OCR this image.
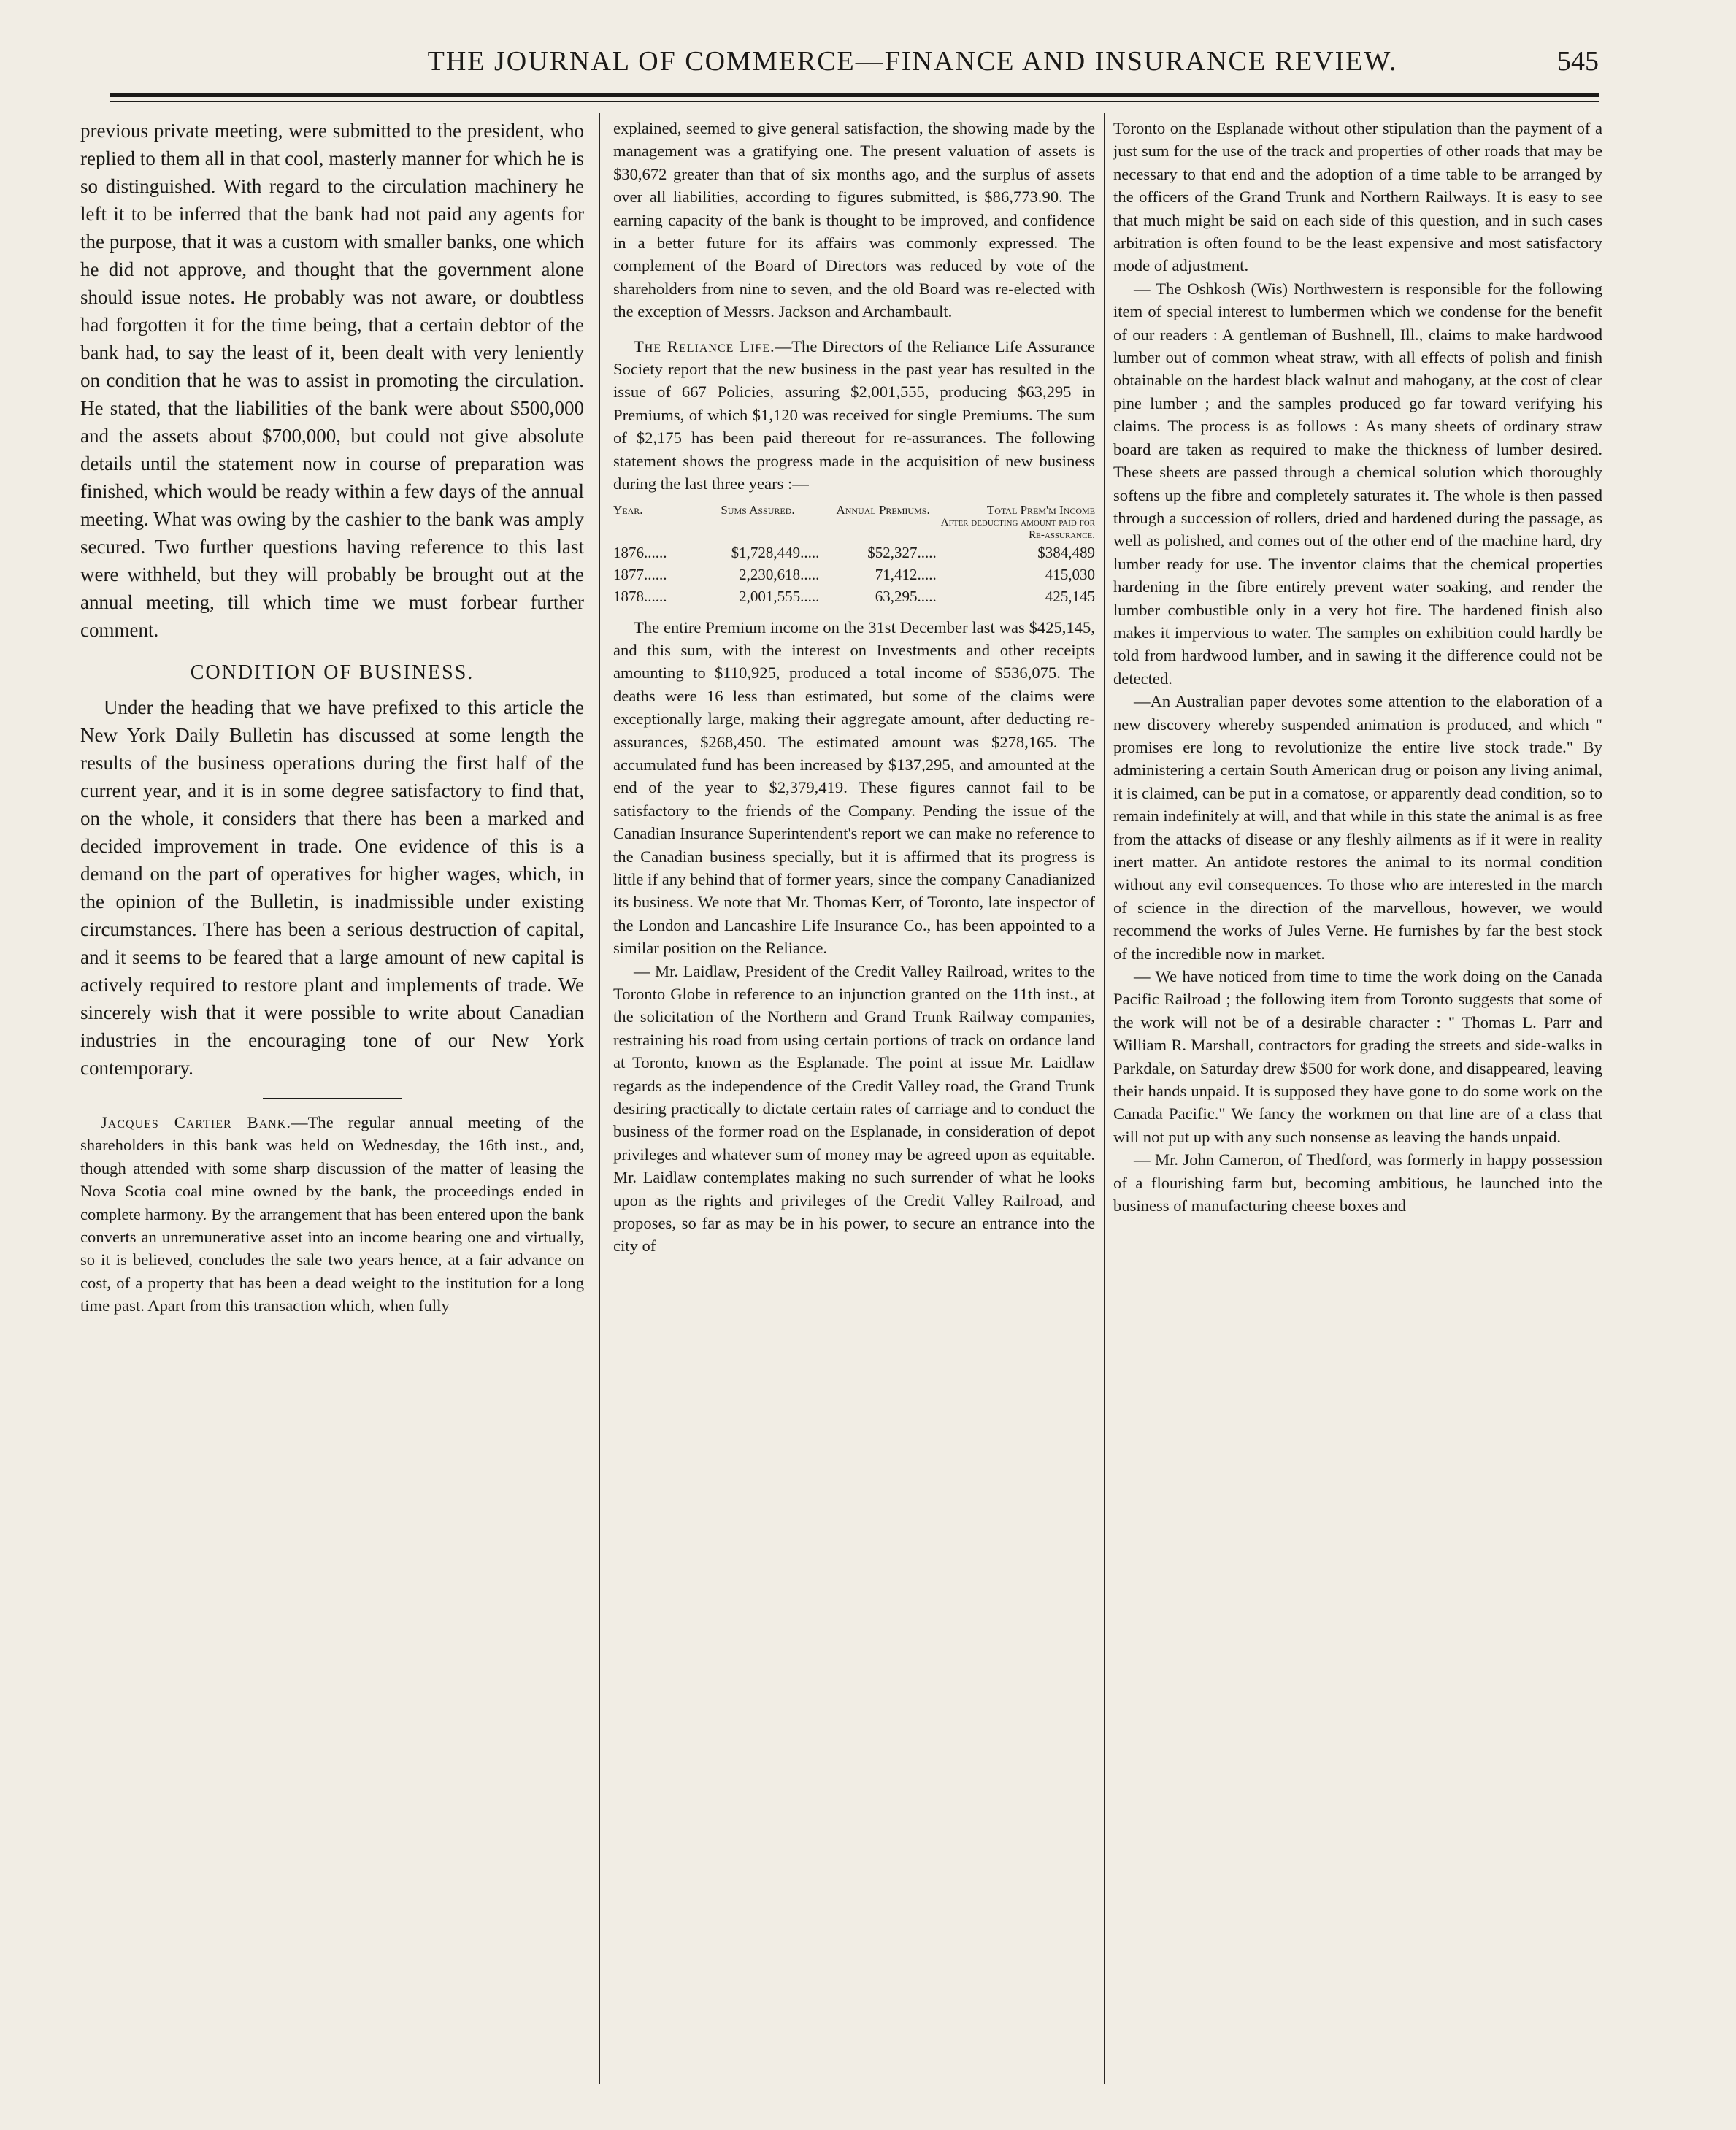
THE JOURNAL OF COMMERCE—FINANCE AND INSURANCE REVIEW.	545

previous private meeting, were submitted to the president, who replied to them all in that cool, masterly manner for which he is so distinguished. With regard to the circulation machinery he left it to be inferred that the bank had not paid any agents for the purpose, that it was a custom with smaller banks, one which he did not approve, and thought that the government alone should issue notes. He probably was not aware, or doubtless had forgotten it for the time being, that a certain debtor of the bank had, to say the least of it, been dealt with very leniently on condition that he was to assist in promoting the circulation. He stated, that the liabilities of the bank were about $500,000 and the assets about $700,000, but could not give absolute details until the statement now in course of preparation was finished, which would be ready within a few days of the annual meeting. What was owing by the cashier to the bank was amply secured. Two further questions having reference to this last were withheld, but they will probably be brought out at the annual meeting, till which time we must forbear further comment.

CONDITION OF BUSINESS.

Under the heading that we have prefixed to this article the New York Daily Bulletin has discussed at some length the results of the business operations during the first half of the current year, and it is in some degree satisfactory to find that, on the whole, it considers that there has been a marked and decided improvement in trade. One evidence of this is a demand on the part of operatives for higher wages, which, in the opinion of the Bulletin, is inadmissible under existing circumstances. There has been a serious destruction of capital, and it seems to be feared that a large amount of new capital is actively required to restore plant and implements of trade. We sincerely wish that it were possible to write about Canadian industries in the encouraging tone of our New York contemporary.

Jacques Cartier Bank.—The regular annual meeting of the shareholders in this bank was held on Wednesday, the 16th inst., and, though attended with some sharp discussion of the matter of leasing the Nova Scotia coal mine owned by the bank, the proceedings ended in complete harmony. By the arrangement that has been entered upon the bank converts an unremunerative asset into an income bearing one and virtually, so it is believed, concludes the sale two years hence, at a fair advance on cost, of a property that has been a dead weight to the institution for a long time past. Apart from this transaction which, when fully

explained, seemed to give general satisfaction, the showing made by the management was a gratifying one. The present valuation of assets is $30,672 greater than that of six months ago, and the surplus of assets over all liabilities, according to figures submitted, is $86,773.90. The earning capacity of the bank is thought to be improved, and confidence in a better future for its affairs was commonly expressed. The complement of the Board of Directors was reduced by vote of the shareholders from nine to seven, and the old Board was re-elected with the exception of Messrs. Jackson and Archambault.

The Reliance Life.—The Directors of the Reliance Life Assurance Society report that the new business in the past year has resulted in the issue of 667 Policies, assuring $2,001,555, producing $63,295 in Premiums, of which $1,120 was received for single Premiums. The sum of $2,175 has been paid thereout for re-assurances. The following statement shows the progress made in the acquisition of new business during the last three years :—

Year.	Sums Assured.	Annual Premiums.	Total Prem'm Income
After deducting amount paid for Re-assurance.

1876......	$1,728,449.....	$52,327.....	$384,489
1877......	2,230,618.....	71,412.....	415,030
1878......	2,001,555.....	63,295.....	425,145

The entire Premium income on the 31st December last was $425,145, and this sum, with the interest on Investments and other receipts amounting to $110,925, produced a total income of $536,075. The deaths were 16 less than estimated, but some of the claims were exceptionally large, making their aggregate amount, after deducting re-assurances, $268,450. The estimated amount was $278,165. The accumulated fund has been increased by $137,295, and amounted at the end of the year to $2,379,419. These figures cannot fail to be satisfactory to the friends of the Company. Pending the issue of the Canadian Insurance Superintendent's report we can make no reference to the Canadian business specially, but it is affirmed that its progress is little if any behind that of former years, since the company Canadianized its business. We note that Mr. Thomas Kerr, of Toronto, late inspector of the London and Lancashire Life Insurance Co., has been appointed to a similar position on the Reliance.

— Mr. Laidlaw, President of the Credit Valley Railroad, writes to the Toronto Globe in reference to an injunction granted on the 11th inst., at the solicitation of the Northern and Grand Trunk Railway companies, restraining his road from using certain portions of track on ordance land at Toronto, known as the Esplanade. The point at issue Mr. Laidlaw regards as the independence of the Credit Valley road, the Grand Trunk desiring practically to dictate certain rates of carriage and to conduct the business of the former road on the Esplanade, in consideration of depot privileges and whatever sum of money may be agreed upon as equitable. Mr. Laidlaw contemplates making no such surrender of what he looks upon as the rights and privileges of the Credit Valley Railroad, and proposes, so far as may be in his power, to secure an entrance into the city of

Toronto on the Esplanade without other stipulation than the payment of a just sum for the use of the track and properties of other roads that may be necessary to that end and the adoption of a time table to be arranged by the officers of the Grand Trunk and Northern Railways. It is easy to see that much might be said on each side of this question, and in such cases arbitration is often found to be the least expensive and most satisfactory mode of adjustment.

— The Oshkosh (Wis) Northwestern is responsible for the following item of special interest to lumbermen which we condense for the benefit of our readers : A gentleman of Bushnell, Ill., claims to make hardwood lumber out of common wheat straw, with all effects of polish and finish obtainable on the hardest black walnut and mahogany, at the cost of clear pine lumber ; and the samples produced go far toward verifying his claims. The process is as follows : As many sheets of ordinary straw board are taken as required to make the thickness of lumber desired. These sheets are passed through a chemical solution which thoroughly softens up the fibre and completely saturates it. The whole is then passed through a succession of rollers, dried and hardened during the passage, as well as polished, and comes out of the other end of the machine hard, dry lumber ready for use. The inventor claims that the chemical properties hardening in the fibre entirely prevent water soaking, and render the lumber combustible only in a very hot fire. The hardened finish also makes it impervious to water. The samples on exhibition could hardly be told from hardwood lumber, and in sawing it the difference could not be detected.

—An Australian paper devotes some attention to the elaboration of a new discovery whereby suspended animation is produced, and which " promises ere long to revolutionize the entire live stock trade." By administering a certain South American drug or poison any living animal, it is claimed, can be put in a comatose, or apparently dead condition, so to remain indefinitely at will, and that while in this state the animal is as free from the attacks of disease or any fleshly ailments as if it were in reality inert matter. An antidote restores the animal to its normal condition without any evil consequences. To those who are interested in the march of science in the direction of the marvellous, however, we would recommend the works of Jules Verne. He furnishes by far the best stock of the incredible now in market.

— We have noticed from time to time the work doing on the Canada Pacific Railroad ; the following item from Toronto suggests that some of the work will not be of a desirable character : " Thomas L. Parr and William R. Marshall, contractors for grading the streets and side-walks in Parkdale, on Saturday drew $500 for work done, and disappeared, leaving their hands unpaid. It is supposed they have gone to do some work on the Canada Pacific." We fancy the workmen on that line are of a class that will not put up with any such nonsense as leaving the hands unpaid.

— Mr. John Cameron, of Thedford, was formerly in happy possession of a flourishing farm but, becoming ambitious, he launched into the business of manufacturing cheese boxes and
